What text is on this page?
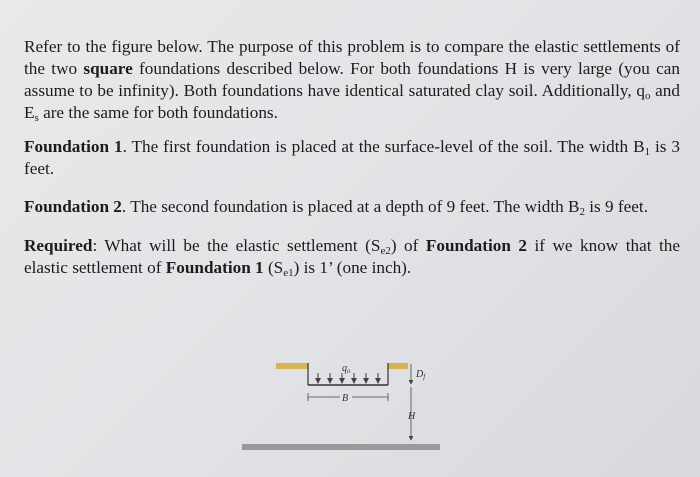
Refer to the figure below. The purpose of this problem is to compare the elastic settlements of the two square foundations described below. For both foundations H is very large (you can assume to be infinity). Both foundations have identical saturated clay soil. Additionally, $q_o$ and $E_s$ are the same for both foundations.

Foundation 1. The first foundation is placed at the surface-level of the soil. The width $B_1$ is 3 feet.

Foundation 2. The second foundation is placed at a depth of 9 feet. The width $B_2$ is 9 feet.

Required: What will be the elastic settlement $(S_{e2})$ of Foundation 2 if we know that the elastic settlement of Foundation 1 $(S_{e1})$ is 1’ (one inch).

$q_o$
B
$D_f$
H
